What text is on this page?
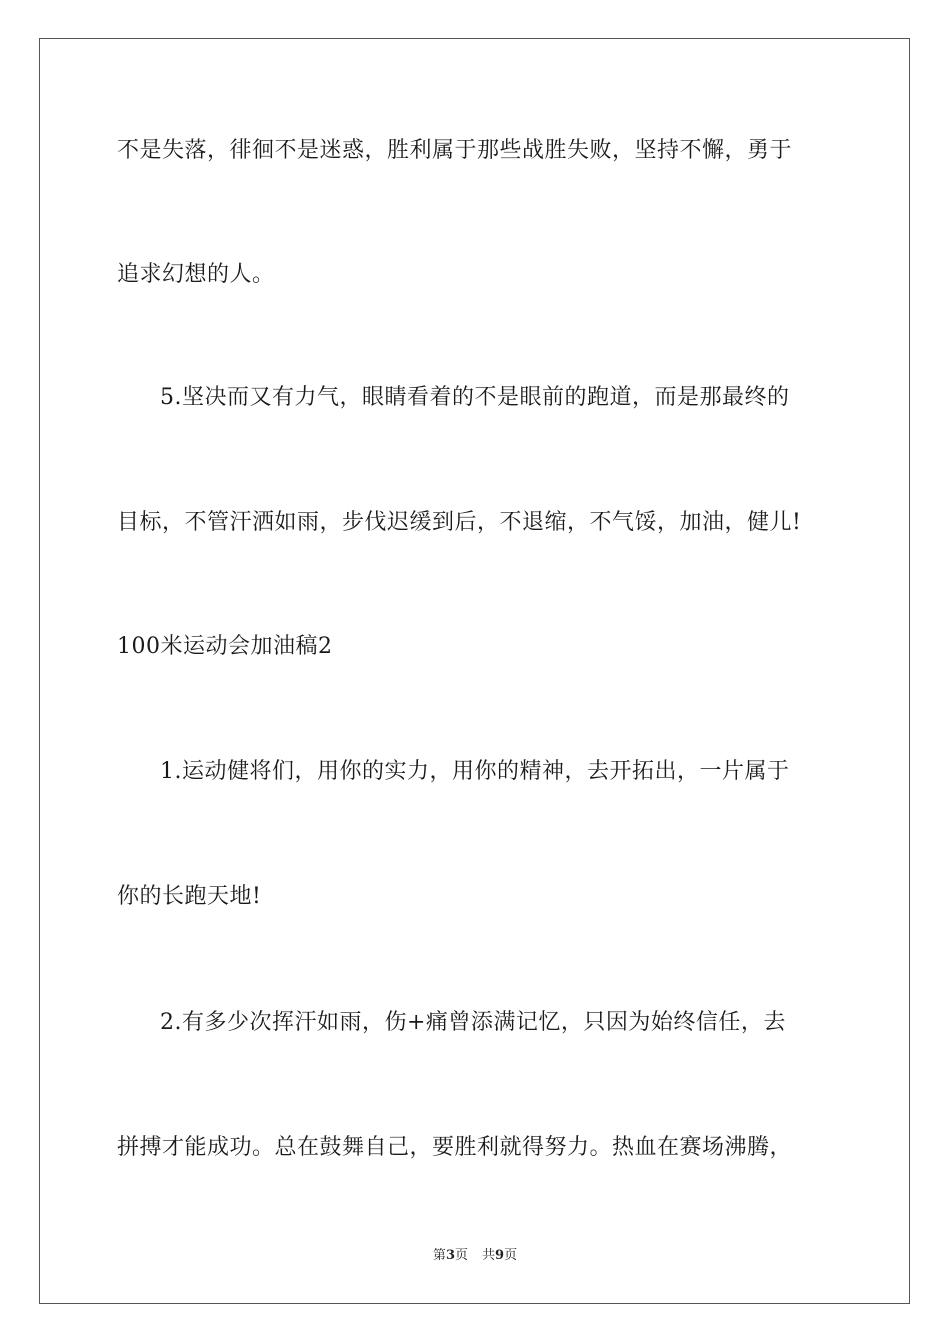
不是失落，徘徊不是迷惑，胜利属于那些战胜失败，坚持不懈，勇于
追求幻想的人。
5.坚决而又有力气，眼睛看着的不是眼前的跑道，而是那最终的
目标，不管汗洒如雨，步伐迟缓到后，不退缩，不气馁，加油，健儿!
100米运动会加油稿2
1.运动健将们，用你的实力，用你的精神，去开拓出，一片属于
你的长跑天地!
2.有多少次挥汗如雨，伤+痛曾添满记忆，只因为始终信任，去
拼搏才能成功。总在鼓舞自己，要胜利就得努力。热血在赛场沸腾，
第3页 共9页
